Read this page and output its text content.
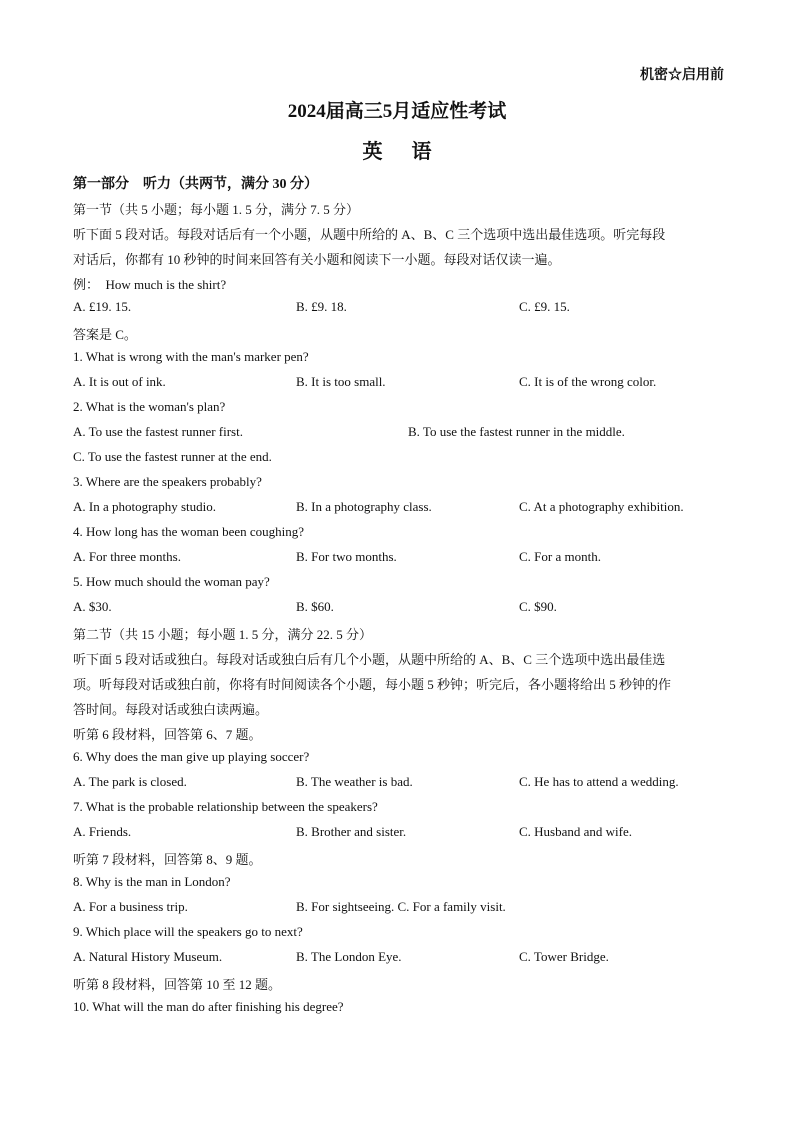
机密☆启用前
2024届高三5月适应性考试
英 语
第一部分　听力（共两节，满分 30 分）
第一节（共 5 小题；每小题 1. 5 分，满分 7. 5 分）
听下面 5 段对话。每段对话后有一个小题，从题中所给的 A、B、C 三个选项中选出最佳选项。听完每段
对话后，你都有 10 秒钟的时间来回答有关小题和阅读下一小题。每段对话仅读一遍。
例：　How much is the shirt?
A. £19. 15.	B. £9. 18.	C. £9. 15.
答案是 C。
1. What is wrong with the man's marker pen?
A. It is out of ink.	B. It is too small.	C. It is of the wrong color.
2. What is the woman's plan?
A. To use the fastest runner first.	B. To use the fastest runner in the middle.
C. To use the fastest runner at the end.
3. Where are the speakers probably?
A. In a photography studio.	B. In a photography class.	C. At a photography exhibition.
4. How long has the woman been coughing?
A. For three months.	B. For two months.	C. For a month.
5. How much should the woman pay?
A. $30.	B. $60.	C. $90.
第二节（共 15 小题；每小题 1. 5 分，满分 22. 5 分）
听下面 5 段对话或独白。每段对话或独白后有几个小题，从题中所给的 A、B、C 三个选项中选出最佳选
项。听每段对话或独白前，你将有时间阅读各个小题，每小题 5 秒钟；听完后，各小题将给出 5 秒钟的作
答时间。每段对话或独白读两遍。
听第 6 段材料，回答第 6、7 题。
6. Why does the man give up playing soccer?
A. The park is closed.	B. The weather is bad.	C. He has to attend a wedding.
7. What is the probable relationship between the speakers?
A. Friends.	B. Brother and sister.	C. Husband and wife.
听第 7 段材料，回答第 8、9 题。
8. Why is the man in London?
A. For a business trip.	B. For sightseeing. C. For a family visit.
9. Which place will the speakers go to next?
A. Natural History Museum.	B. The London Eye.	C. Tower Bridge.
听第 8 段材料，回答第 10 至 12 题。
10. What will the man do after finishing his degree?
